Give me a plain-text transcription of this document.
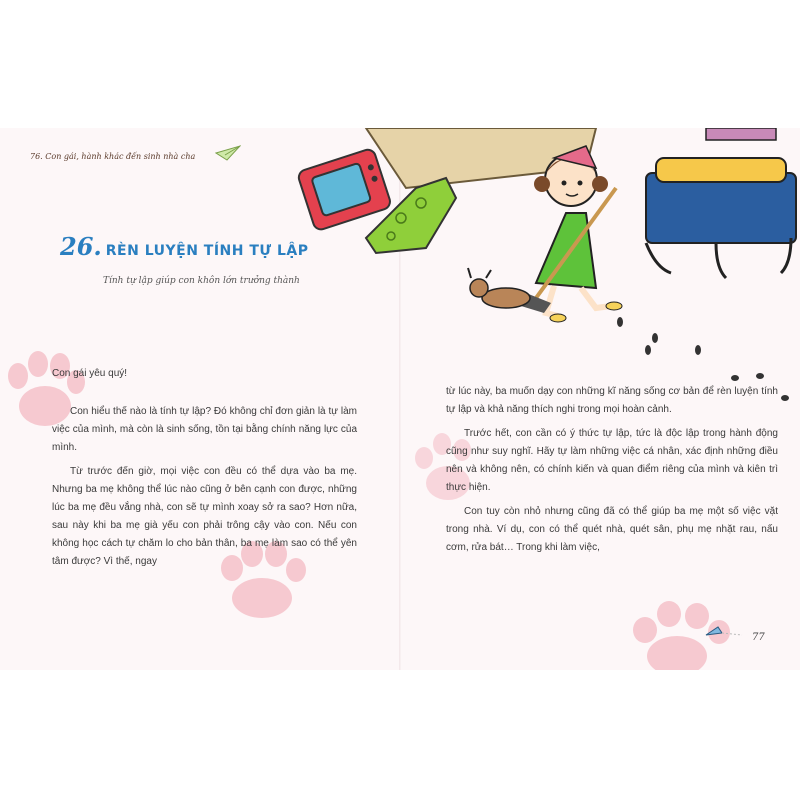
76. Con gái, hành khác đến sinh nhà cha
26. RÈN LUYỆN TÍNH TỰ LẬP
Tính tự lập giúp con khôn lớn trưởng thành

Con gái yêu quý!

Con hiểu thế nào là tính tự lập? Đó không chỉ đơn giản là tự làm việc của mình, mà còn là sinh sống, tồn tại bằng chính năng lực của mình.

Từ trước đến giờ, mọi việc con đều có thể dựa vào ba mẹ. Nhưng ba mẹ không thể lúc nào cũng ở bên cạnh con được, những lúc ba mẹ đều vắng nhà, con sẽ tự mình xoay sở ra sao? Hơn nữa, sau này khi ba mẹ già yếu con phải trông cậy vào con. Nếu con không học cách tự chăm lo cho bản thân, ba mẹ làm sao có thể yên tâm được? Vì thế, ngay

từ lúc này, ba muốn dạy con những kĩ năng sống cơ bản để rèn luyện tính tự lập và khả năng thích nghi trong mọi hoàn cảnh.

Trước hết, con cần có ý thức tự lập, tức là độc lập trong hành động cũng như suy nghĩ. Hãy tự làm những việc cá nhân, xác định những điều nên và không nên, có chính kiến và quan điểm riêng của mình và kiên trì thực hiện.

Con tuy còn nhỏ nhưng cũng đã có thể giúp ba mẹ một số việc vặt trong nhà. Ví dụ, con có thể quét nhà, quét sân, phụ mẹ nhặt rau, nấu cơm, rửa bát… Trong khi làm việc,

77
